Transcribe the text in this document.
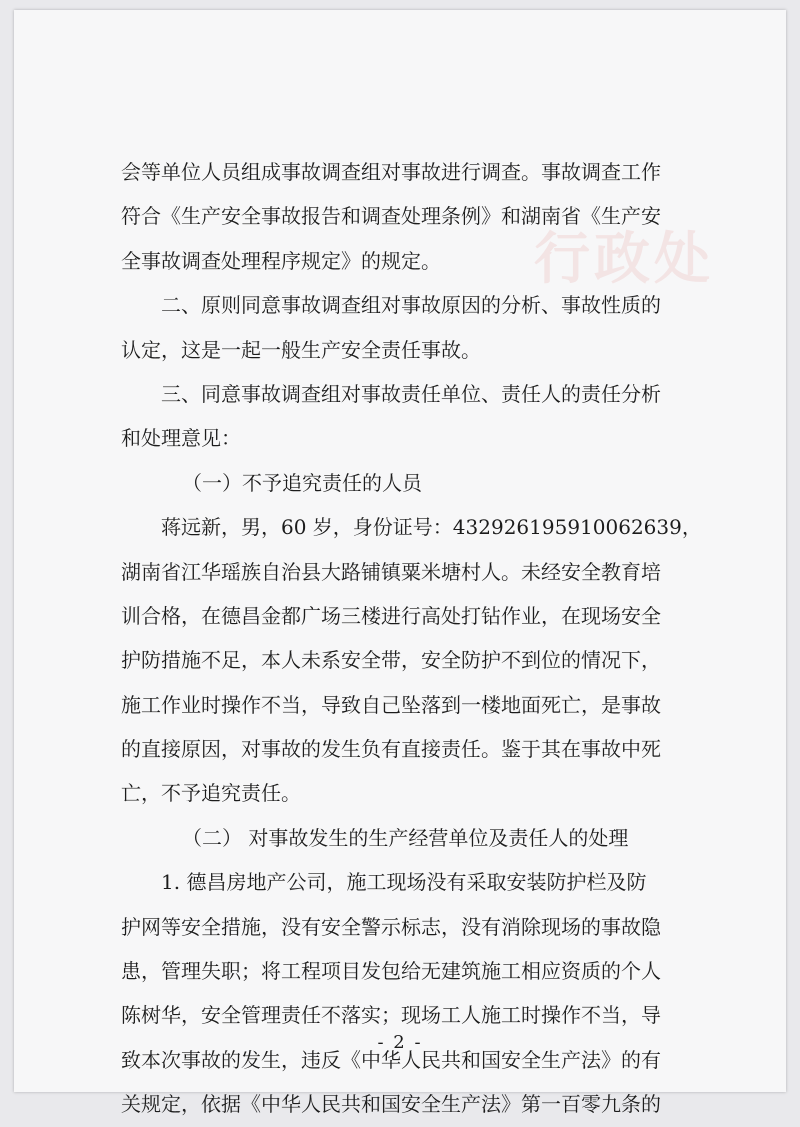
行政处
会等单位人员组成事故调查组对事故进行调查。事故调查工作
符合《生产安全事故报告和调查处理条例》和湖南省《生产安
全事故调查处理程序规定》的规定。
二、原则同意事故调查组对事故原因的分析、事故性质的
认定，这是一起一般生产安全责任事故。
三、同意事故调查组对事故责任单位、责任人的责任分析
和处理意见：
（一）不予追究责任的人员
蒋远新，男，60 岁，身份证号：432926195910062639，
湖南省江华瑶族自治县大路铺镇粟米塘村人。未经安全教育培
训合格，在德昌金都广场三楼进行高处打钻作业，在现场安全
护防措施不足，本人未系安全带，安全防护不到位的情况下，
施工作业时操作不当，导致自己坠落到一楼地面死亡，是事故
的直接原因，对事故的发生负有直接责任。鉴于其在事故中死
亡，不予追究责任。
（二） 对事故发生的生产经营单位及责任人的处理
1. 德昌房地产公司，施工现场没有采取安装防护栏及防
护网等安全措施，没有安全警示标志，没有消除现场的事故隐
患，管理失职；将工程项目发包给无建筑施工相应资质的个人
陈树华，安全管理责任不落实；现场工人施工时操作不当，导
致本次事故的发生，违反《中华人民共和国安全生产法》的有
关规定，依据《中华人民共和国安全生产法》第一百零九条的
- 2 -
